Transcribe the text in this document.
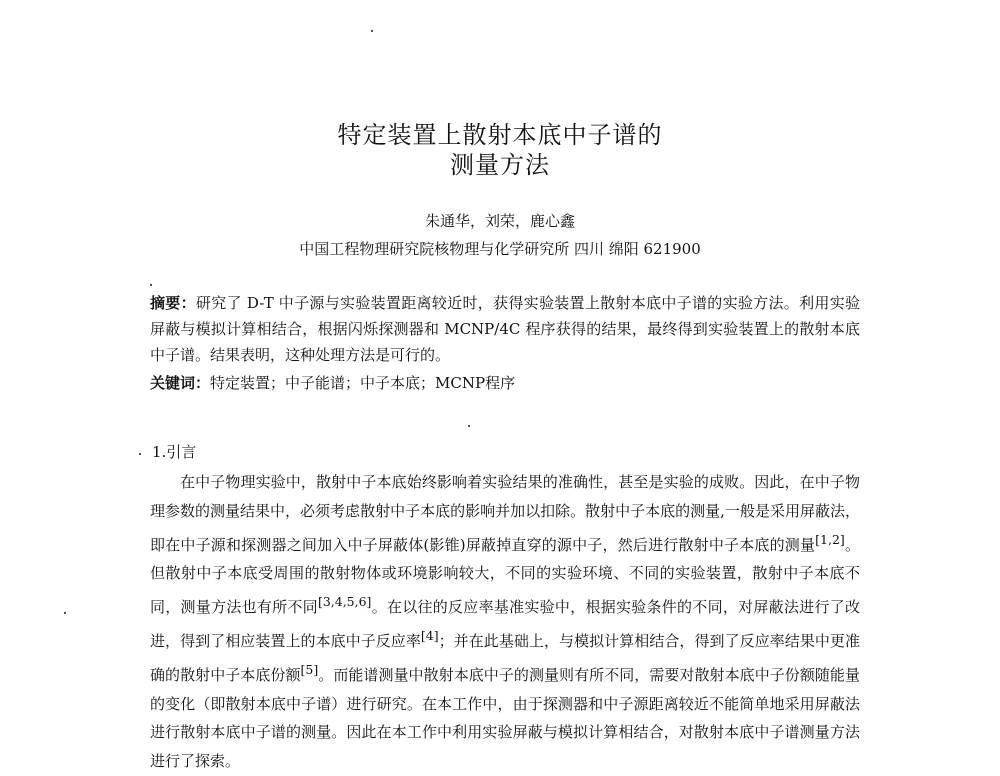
特定装置上散射本底中子谱的
测量方法
朱通华，刘荣，鹿心鑫
中国工程物理研究院核物理与化学研究所 四川 绵阳 621900
摘要：研究了 D-T 中子源与实验装置距离较近时，获得实验装置上散射本底中子谱的实验方法。利用实验屏蔽与模拟计算相结合，根据闪烁探测器和 MCNP/4C 程序获得的结果，最终得到实验装置上的散射本底中子谱。结果表明，这种处理方法是可行的。
关键词：特定装置；中子能谱；中子本底；MCNP程序
1.引言
在中子物理实验中，散射中子本底始终影响着实验结果的准确性，甚至是实验的成败。因此，在中子物理参数的测量结果中，必须考虑散射中子本底的影响并加以扣除。散射中子本底的测量,一般是采用屏蔽法，即在中子源和探测器之间加入中子屏蔽体(影锥)屏蔽掉直穿的源中子，然后进行散射中子本底的测量[1,2]。但散射中子本底受周围的散射物体或环境影响较大，不同的实验环境、不同的实验装置，散射中子本底不同，测量方法也有所不同[3,4,5,6]。在以往的反应率基准实验中，根据实验条件的不同，对屏蔽法进行了改进，得到了相应装置上的本底中子反应率[4]；并在此基础上，与模拟计算相结合，得到了反应率结果中更准确的散射中子本底份额[5]。而能谱测量中散射本底中子的测量则有所不同，需要对散射本底中子份额随能量的变化（即散射本底中子谱）进行研究。在本工作中，由于探测器和中子源距离较近不能简单地采用屏蔽法进行散射本底中子谱的测量。因此在本工作中利用实验屏蔽与模拟计算相结合，对散射本底中子谱测量方法进行了探索。
